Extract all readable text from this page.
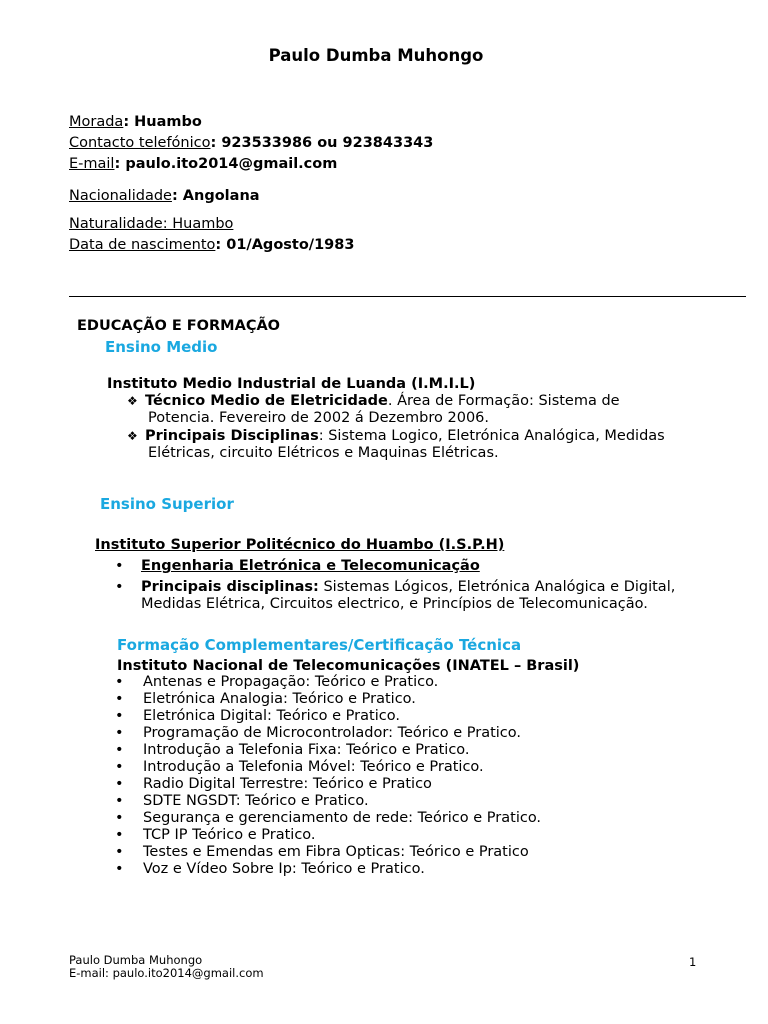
Paulo Dumba Muhongo
Morada: Huambo
Contacto telefónico: 923533986 ou 923843343
E-mail: paulo.ito2014@gmail.com
Nacionalidade: Angolana
Naturalidade: Huambo
Data de nascimento: 01/Agosto/1983
EDUCAÇÃO E FORMAÇÃO
Ensino Medio
Instituto Medio Industrial de Luanda (I.M.I.L)
❖ Técnico Medio de Eletricidade. Área de Formação: Sistema de
Potencia. Fevereiro de 2002 á Dezembro 2006.
❖ Principais Disciplinas: Sistema Logico, Eletrónica Analógica, Medidas
Elétricas, circuito Elétricos e Maquinas Elétricas.
Ensino Superior
Instituto Superior Politécnico do Huambo (I.S.P.H)
• Engenharia Eletrónica e Telecomunicação
• Principais disciplinas: Sistemas Lógicos, Eletrónica Analógica e Digital,
Medidas Elétrica, Circuitos electrico, e Princípios de Telecomunicação.
Formação Complementares/Certificação Técnica
Instituto Nacional de Telecomunicações (INATEL – Brasil)
• Antenas e Propagação: Teórico e Pratico.
• Eletrónica Analogia: Teórico e Pratico.
• Eletrónica Digital: Teórico e Pratico.
• Programação de Microcontrolador: Teórico e Pratico.
• Introdução a Telefonia Fixa: Teórico e Pratico.
• Introdução a Telefonia Móvel: Teórico e Pratico.
• Radio Digital Terrestre: Teórico e Pratico
• SDTE NGSDT: Teórico e Pratico.
• Segurança e gerenciamento de rede: Teórico e Pratico.
• TCP IP Teórico e Pratico.
• Testes e Emendas em Fibra Opticas: Teórico e Pratico
• Voz e Vídeo Sobre Ip: Teórico e Pratico.
Paulo Dumba Muhongo
E-mail: paulo.ito2014@gmail.com
1
